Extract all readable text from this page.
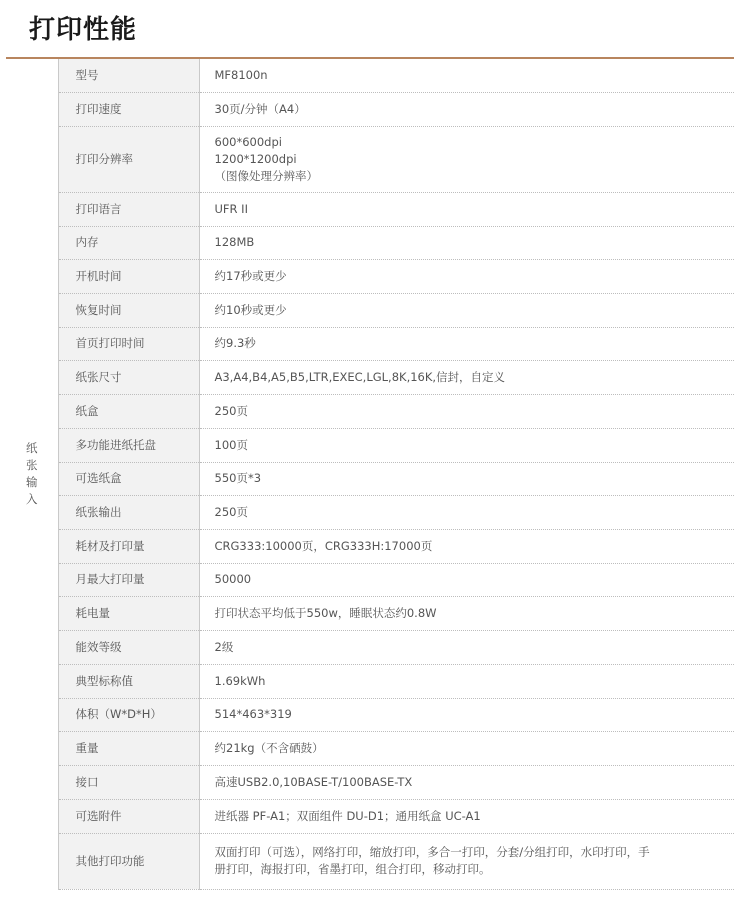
打印性能
纸张输入	型号	MF8100n
	打印速度	30页/分钟（A4）
	打印分辨率	600*600dpi
1200*1200dpi
（图像处理分辨率）

	打印语言	UFR II
	内存	128MB
	开机时间	约17秒或更少
	恢复时间	约10秒或更少
	首页打印时间	约9.3秒
	纸张尺寸	A3,A4,B4,A5,B5,LTR,EXEC,LGL,8K,16K,信封，自定义
	纸盒	250页
	多功能进纸托盘	100页
	可选纸盒	550页*3
	纸张输出	250页
	耗材及打印量	CRG333:10000页，CRG333H:17000页
	月最大打印量	50000
	耗电量	打印状态平均低于550w，睡眠状态约0.8W
	能效等级	2级
	典型标称值	1.69kWh
	体积（W*D*H）	514*463*319
	重量	约21kg（不含硒鼓）
	接口	高速USB2.0,10BASE-T/100BASE-TX
	可选附件	进纸器 PF-A1；双面组件 DU-D1；通用纸盒 UC-A1
	其他打印功能	双面打印（可选），网络打印，缩放打印，多合一打印，分套/分组打印，水印打印，手
册打印，海报打印，省墨打印，组合打印，移动打印。
